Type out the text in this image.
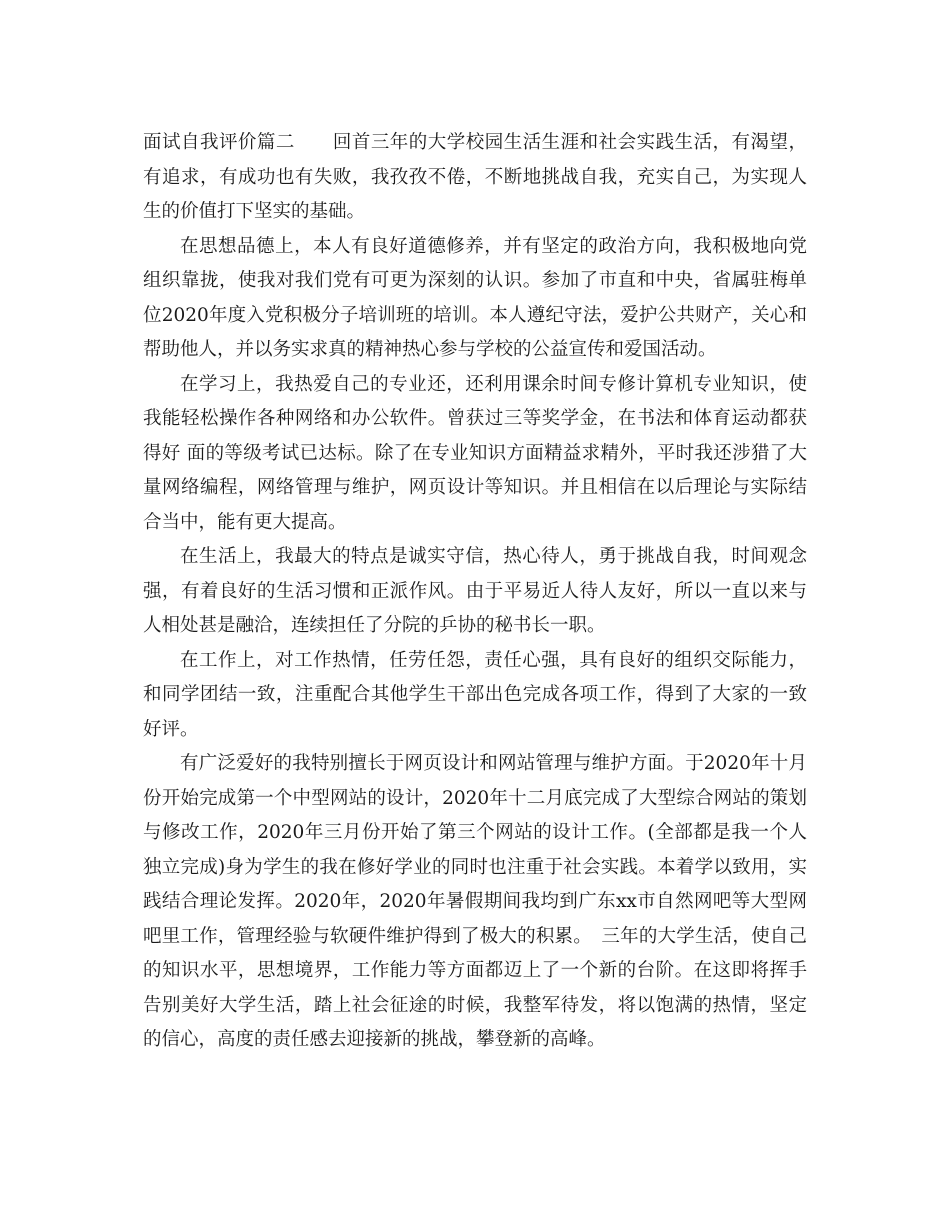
面试自我评价篇二　　回首三年的大学校园生活生涯和社会实践生活，有渴望，有追求，有成功也有失败，我孜孜不倦，不断地挑战自我，充实自己，为实现人生的价值打下坚实的基础。

在思想品德上，本人有良好道德修养，并有坚定的政治方向，我积极地向党组织靠拢，使我对我们党有可更为深刻的认识。参加了市直和中央，省属驻梅单位2020年度入党积极分子培训班的培训。本人遵纪守法，爱护公共财产，关心和帮助他人，并以务实求真的精神热心参与学校的公益宣传和爱国活动。

在学习上，我热爱自己的专业还，还利用课余时间专修计算机专业知识，使我能轻松操作各种网络和办公软件。曾获过三等奖学金，在书法和体育运动都获得好 面的等级考试已达标。除了在专业知识方面精益求精外，平时我还涉猎了大量网络编程，网络管理与维护，网页设计等知识。并且相信在以后理论与实际结合当中，能有更大提高。

在生活上，我最大的特点是诚实守信，热心待人，勇于挑战自我，时间观念强，有着良好的生活习惯和正派作风。由于平易近人待人友好，所以一直以来与人相处甚是融洽，连续担任了分院的乒协的秘书长一职。

在工作上，对工作热情，任劳任怨，责任心强，具有良好的组织交际能力，和同学团结一致，注重配合其他学生干部出色完成各项工作，得到了大家的一致好评。

有广泛爱好的我特别擅长于网页设计和网站管理与维护方面。于2020年十月份开始完成第一个中型网站的设计，2020年十二月底完成了大型综合网站的策划与修改工作，2020年三月份开始了第三个网站的设计工作。(全部都是我一个人独立完成)身为学生的我在修好学业的同时也注重于社会实践。本着学以致用，实践结合理论发挥。2020年，2020年暑假期间我均到广东xx市自然网吧等大型网吧里工作，管理经验与软硬件维护得到了极大的积累。　三年的大学生活，使自己的知识水平，思想境界，工作能力等方面都迈上了一个新的台阶。在这即将挥手告别美好大学生活，踏上社会征途的时候，我整军待发，将以饱满的热情，坚定的信心，高度的责任感去迎接新的挑战，攀登新的高峰。
